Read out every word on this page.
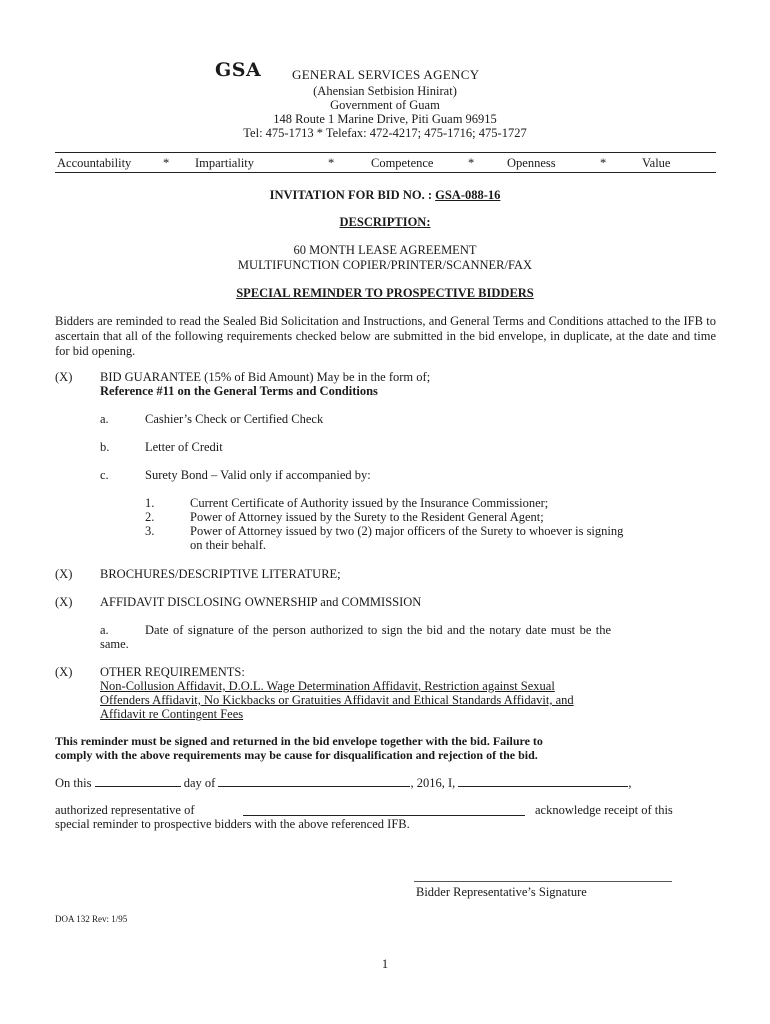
GSA GENERAL SERVICES AGENCY
(Ahensian Setbision Hinirat)
Government of Guam
148 Route 1 Marine Drive, Piti Guam 96915
Tel: 475-1713 * Telefax: 472-4217; 475-1716; 475-1727
Accountability	* Impartiality	*	Competence	*	Openness	*	Value
INVITATION FOR BID NO. : GSA-088-16
DESCRIPTION:
60 MONTH LEASE AGREEMENT
MULTIFUNCTION COPIER/PRINTER/SCANNER/FAX
SPECIAL REMINDER TO PROSPECTIVE BIDDERS
Bidders are reminded to read the Sealed Bid Solicitation and Instructions, and General Terms and Conditions attached to the IFB to ascertain that all of the following requirements checked below are submitted in the bid envelope, in duplicate, at the date and time for bid opening.
(X) BID GUARANTEE (15% of Bid Amount) May be in the form of;
Reference #11 on the General Terms and Conditions
a.	Cashier’s Check or Certified Check
b.	Letter of Credit
c.	Surety Bond – Valid only if accompanied by:
1.	Current Certificate of Authority issued by the Insurance Commissioner;
2.	Power of Attorney issued by the Surety to the Resident General Agent;
3.	Power of Attorney issued by two (2) major officers of the Surety to whoever is signing
on their behalf.
(X) BROCHURES/DESCRIPTIVE LITERATURE;
(X) AFFIDAVIT DISCLOSING OWNERSHIP and COMMISSION
a.	Date of signature of the person authorized to sign the bid and the notary date must be the
same.
(X) OTHER REQUIREMENTS:
Non-Collusion Affidavit, D.O.L. Wage Determination Affidavit, Restriction against Sexual
Offenders Affidavit, No Kickbacks or Gratuities Affidavit and Ethical Standards Affidavit, and
Affidavit re Contingent Fees
This reminder must be signed and returned in the bid envelope together with the bid. Failure to
comply with the above requirements may be cause for disqualification and rejection of the bid.
On this	day of	, 2016, I,	,
authorized representative of	acknowledge receipt of this
special reminder to prospective bidders with the above referenced IFB.
Bidder Representative’s Signature
DOA 132 Rev: 1/95
1
